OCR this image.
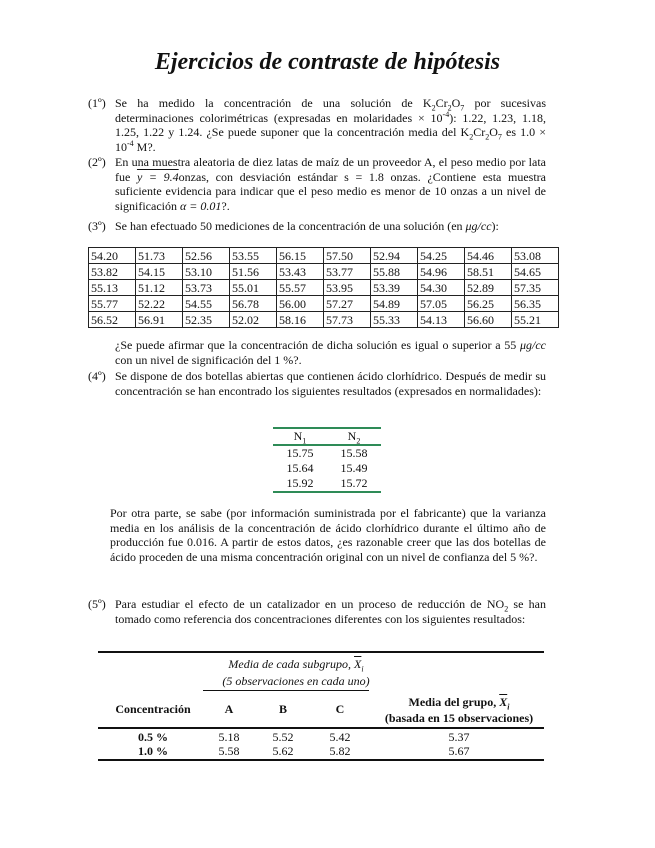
Ejercicios de contraste de hipótesis
(1º) Se ha medido la concentración de una solución de $K_2Cr_2O_7$ por sucesivas determinaciones colorimétricas (expresadas en molaridades × $10^{-4}$): 1.22, 1.23, 1.18, 1.25, 1.22 y 1.24. ¿Se puede suponer que la concentración media del $K_2Cr_2O_7$ es $1.0 \times 10^{-4}$ M?.
(2º) En una muestra aleatoria de diez latas de maíz de un proveedor A, el peso medio por lata fue y = 9.4onzas, con desviación estándar s = 1.8 onzas. ¿Contiene esta muestra suficiente evidencia para indicar que el peso medio es menor de 10 onzas a un nivel de significación α = 0.01?.
(3º) Se han efectuado 50 mediciones de la concentración de una solución (en μg/cc):
54.20	51.73	52.56	53.55	56.15	57.50	52.94	54.25	54.46	53.08
53.82	54.15	53.10	51.56	53.43	53.77	55.88	54.96	58.51	54.65
55.13	51.12	53.73	55.01	55.57	53.95	53.39	54.30	52.89	57.35
55.77	52.22	54.55	56.78	56.00	57.27	54.89	57.05	56.25	56.35
56.52	56.91	52.35	52.02	58.16	57.73	55.33	54.13	56.60	55.21
¿Se puede afirmar que la concentración de dicha solución es igual o superior a 55 μg/cc con un nivel de significación del 1 %?.
(4º) Se dispone de dos botellas abiertas que contienen ácido clorhídrico. Después de medir su concentración se han encontrado los siguientes resultados (expresados en normalidades):
$N_1$	$N_2$
15.75	15.58
15.64	15.49
15.92	15.72
Por otra parte, se sabe (por información suministrada por el fabricante) que la varianza media en los análisis de la concentración de ácido clorhídrico durante el último año de producción fue 0.016. A partir de estos datos, ¿es razonable creer que las dos botellas de ácido proceden de una misma concentración original con un nivel de confianza del 5 %?.
(5º) Para estudiar el efecto de un catalizador en un proceso de reducción de $NO_2$ se han tomado como referencia dos concentraciones diferentes con los siguientes resultados:
Media de cada subgrupo, $\overline{X}_i$
(5 observaciones en cada uno)
Concentración	A	B	C	Media del grupo, $\overline{X}_i$
(basada en 15 observaciones)
0.5 %	5.18	5.52	5.42	5.37
1.0 %	5.58	5.62	5.82	5.67
